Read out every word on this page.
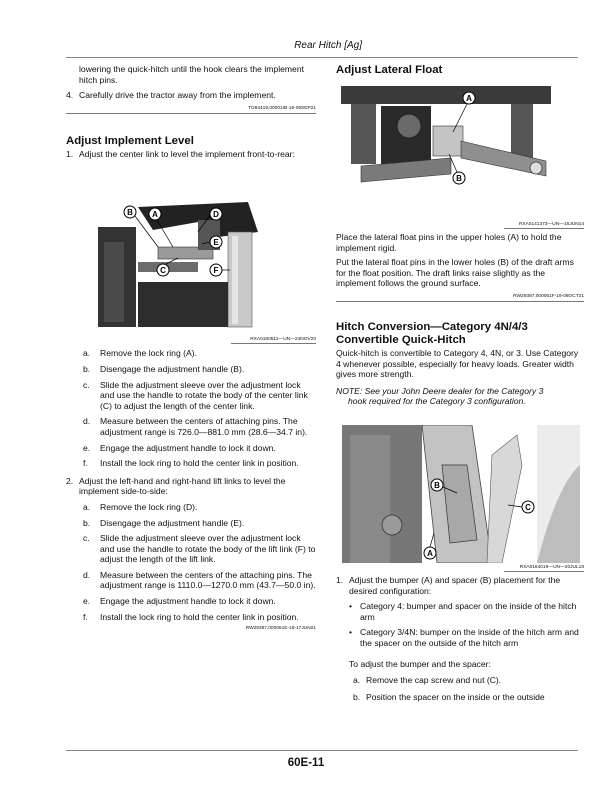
Rear Hitch [Ag]

lowering the quick-hitch until the hook clears the implement hitch pins.

4. Carefully drive the tractor away from the implement.

TO84419,00001IB-19-09SEP21
Adjust Implement Level

1. Adjust the center link to level the implement front-to-rear:

B A	D
E
C	F
RXA0180511—UN—24NOV20

a. Remove the lock ring (A).

b. Disengage the adjustment handle (B).

c. Slide the adjustment sleeve over the adjustment lock and use the handle to rotate the body of the center link (C) to adjust the length of the center link.

d. Measure between the centers of attaching pins. The adjustment range is 726.0—881.0 mm (28.6—34.7 in).

e. Engage the adjustment handle to lock it down.

f. Install the lock ring to hold the center link in position.

2. Adjust the left-hand and right-hand lift links to level the implement side-to-side:

a. Remove the lock ring (D).

b. Disengage the adjustment handle (E).

c. Slide the adjustment sleeve over the adjustment lock and use the handle to rotate the body of the lift link (F) to adjust the length of the lift link.

d. Measure between the centers of the attaching pins. The adjustment range is 1110.0—1270.0 mm (43.7—50.0 in).

e. Engage the adjustment handle to lock it down.

f. Install the lock ring to hold the center link in position.

RW29387,000061E-19-17JUN21
Adjust Lateral Float
A
B
RXA0141373—UN—16JUN14

Place the lateral float pins in the upper holes (A) to hold the implement rigid.

Put the lateral float pins in the lower holes (B) of the draft arms for the float position. The draft links raise slightly as the implement follows the ground surface.

RW29387,000061F-19-08OCT21
Hitch Conversion—Category 4N/4/3 Convertible Quick-Hitch

Quick-hitch is convertible to Category 4, 4N, or 3. Use Category 4 whenever possible, especially for heavy loads. Greater width gives more strength.

NOTE: See your John Deere dealer for the Category 3
hook required for the Category 3 configuration.

B
C
A
RXA0164019—UN—20JUL18

1. Adjust the bumper (A) and spacer (B) placement for the desired configuration:

• Category 4: bumper and spacer on the inside of the hitch arm

• Category 3/4N: bumper on the inside of the hitch arm and the spacer on the outside of the hitch arm

To adjust the bumper and the spacer:

a. Remove the cap screw and nut (C).

b. Position the spacer on the inside or the outside

60E-11
